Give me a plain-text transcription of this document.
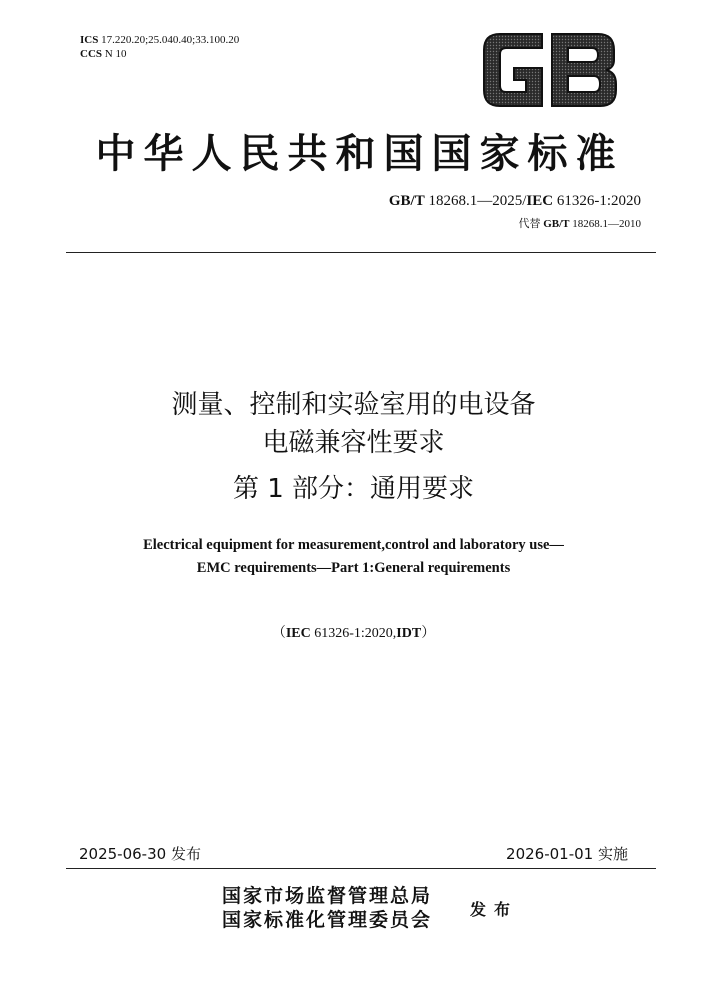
ICS 17.220.20;25.040.40;33.100.20
CCS N 10
中华人民共和国国家标准
GB/T 18268.1—2025/IEC 61326-1:2020
代替 GB/T 18268.1—2010
测量、控制和实验室用的电设备
电磁兼容性要求
第 1 部分：通用要求
Electrical equipment for measurement,control and laboratory use—
EMC requirements—Part 1:General requirements
（IEC 61326-1:2020,IDT）
2025-06-30 发布	2026-01-01 实施
国家市场监督管理总局
国家标准化管理委员会 发布
